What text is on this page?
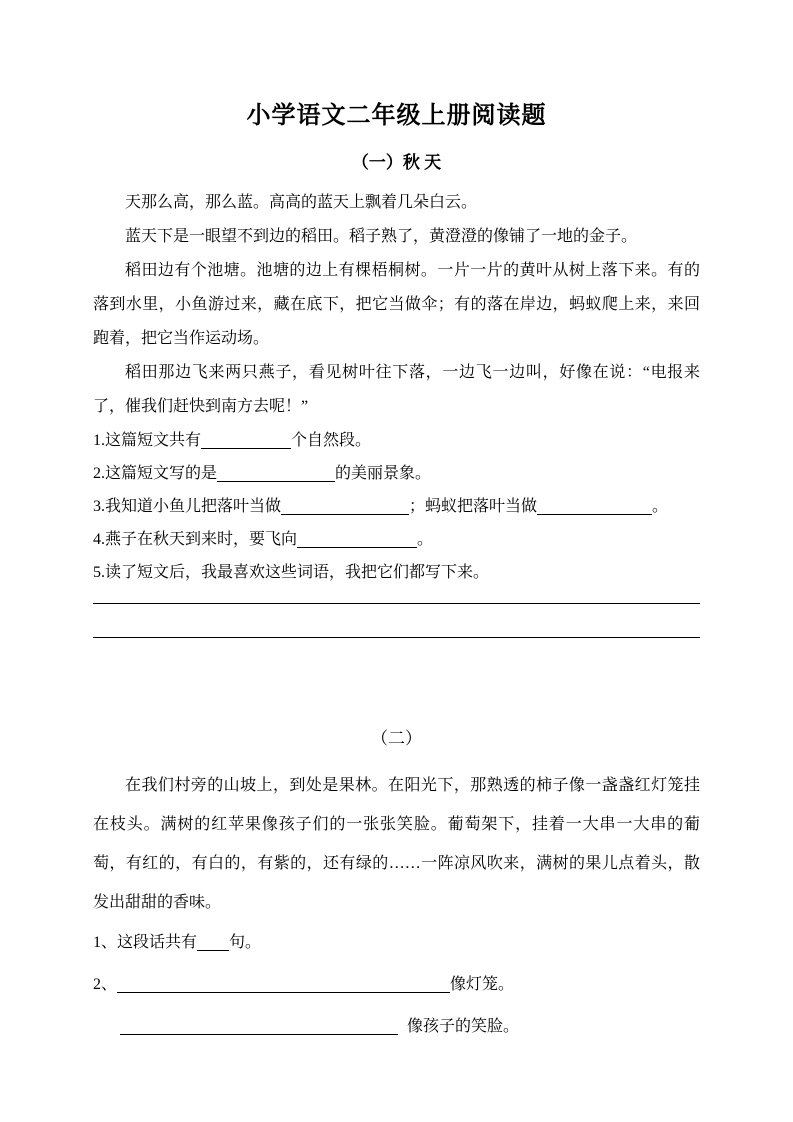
小学语文二年级上册阅读题
（一）秋 天

天那么高，那么蓝。高高的蓝天上飘着几朵白云。

蓝天下是一眼望不到边的稻田。稻子熟了，黄澄澄的像铺了一地的金子。

稻田边有个池塘。池塘的边上有棵梧桐树。一片一片的黄叶从树上落下来。有的落到水里，小鱼游过来，藏在底下，把它当做伞；有的落在岸边，蚂蚁爬上来，来回跑着，把它当作运动场。

稻田那边飞来两只燕子，看见树叶往下落，一边飞一边叫，好像在说：“电报来了，催我们赶快到南方去呢！”

1.这篇短文共有	个自然段。
2.这篇短文写的是	的美丽景象。
3.我知道小鱼儿把落叶当做	；蚂蚁把落叶当做	。
4.燕子在秋天到来时，要飞向	。
5.读了短文后，我最喜欢这些词语，我把它们都写下来。
（二）

在我们村旁的山坡上，到处是果林。在阳光下，那熟透的柿子像一盏盏红灯笼挂在枝头。满树的红苹果像孩子们的一张张笑脸。葡萄架下，挂着一大串一大串的葡萄，有红的，有白的，有紫的，还有绿的……一阵凉风吹来，满树的果儿点着头，散发出甜甜的香味。

1、这段话共有 句。
2、	像灯笼。
像孩子的笑脸。
